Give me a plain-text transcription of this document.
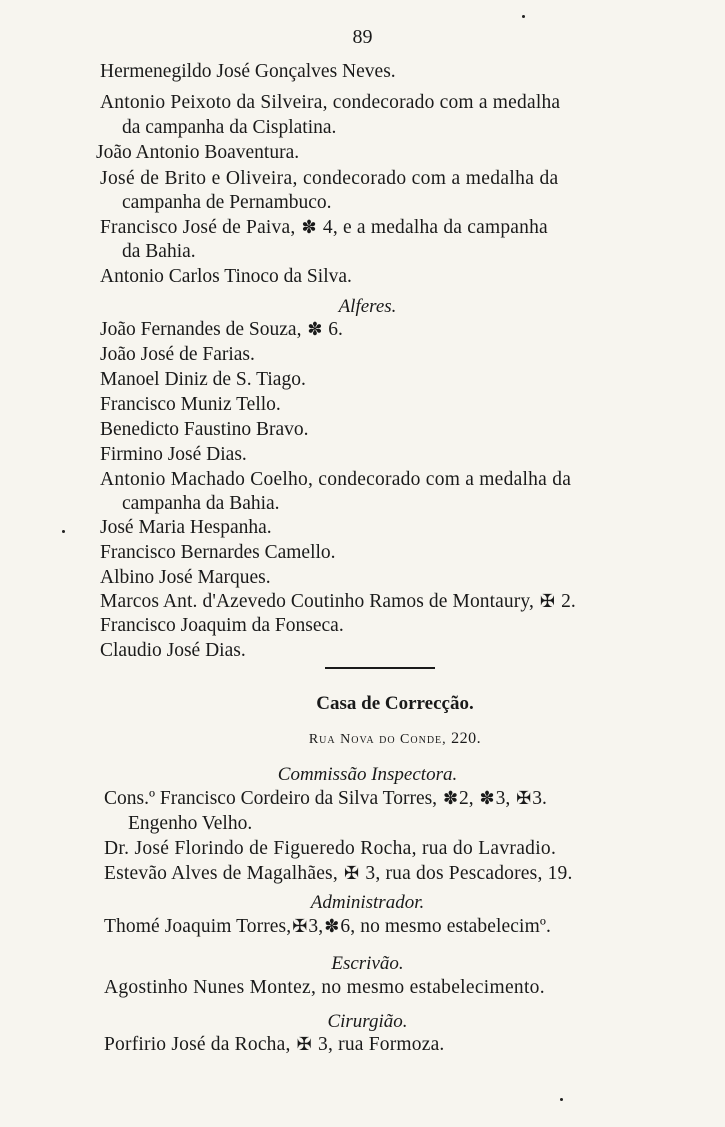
89
Hermenegildo José Gonçalves Neves.
Antonio Peixoto da Silveira, condecorado com a medalha
da campanha da Cisplatina.
João Antonio Boaventura.
José de Brito e Oliveira, condecorado com a medalha da
campanha de Pernambuco.
Francisco José de Paiva, ✽ 4, e a medalha da campanha
da Bahia.
Antonio Carlos Tinoco da Silva.
Alferes.
João Fernandes de Souza, ✽ 6.
João José de Farias.
Manoel Diniz de S. Tiago.
Francisco Muniz Tello.
Benedicto Faustino Bravo.
Firmino José Dias.
Antonio Machado Coelho, condecorado com a medalha da
campanha da Bahia.
José Maria Hespanha.
Francisco Bernardes Camello.
Albino José Marques.
Marcos Ant. d'Azevedo Coutinho Ramos de Montaury, ✠ 2.
Francisco Joaquim da Fonseca.
Claudio José Dias.
Casa de Correcção.
Rua Nova do Conde, 220.
Commissão Inspectora.
Cons.º Francisco Cordeiro da Silva Torres, ✽2, ✽3, ✠3.
Engenho Velho.
Dr. José Florindo de Figueredo Rocha, rua do Lavradio.
Estevão Alves de Magalhães, ✠ 3, rua dos Pescadores, 19.
Administrador.
Thomé Joaquim Torres,✠3,✽6, no mesmo estabelecimº.
Escrivão.
Agostinho Nunes Montez, no mesmo estabelecimento.
Cirurgião.
Porfirio José da Rocha, ✠ 3, rua Formoza.
